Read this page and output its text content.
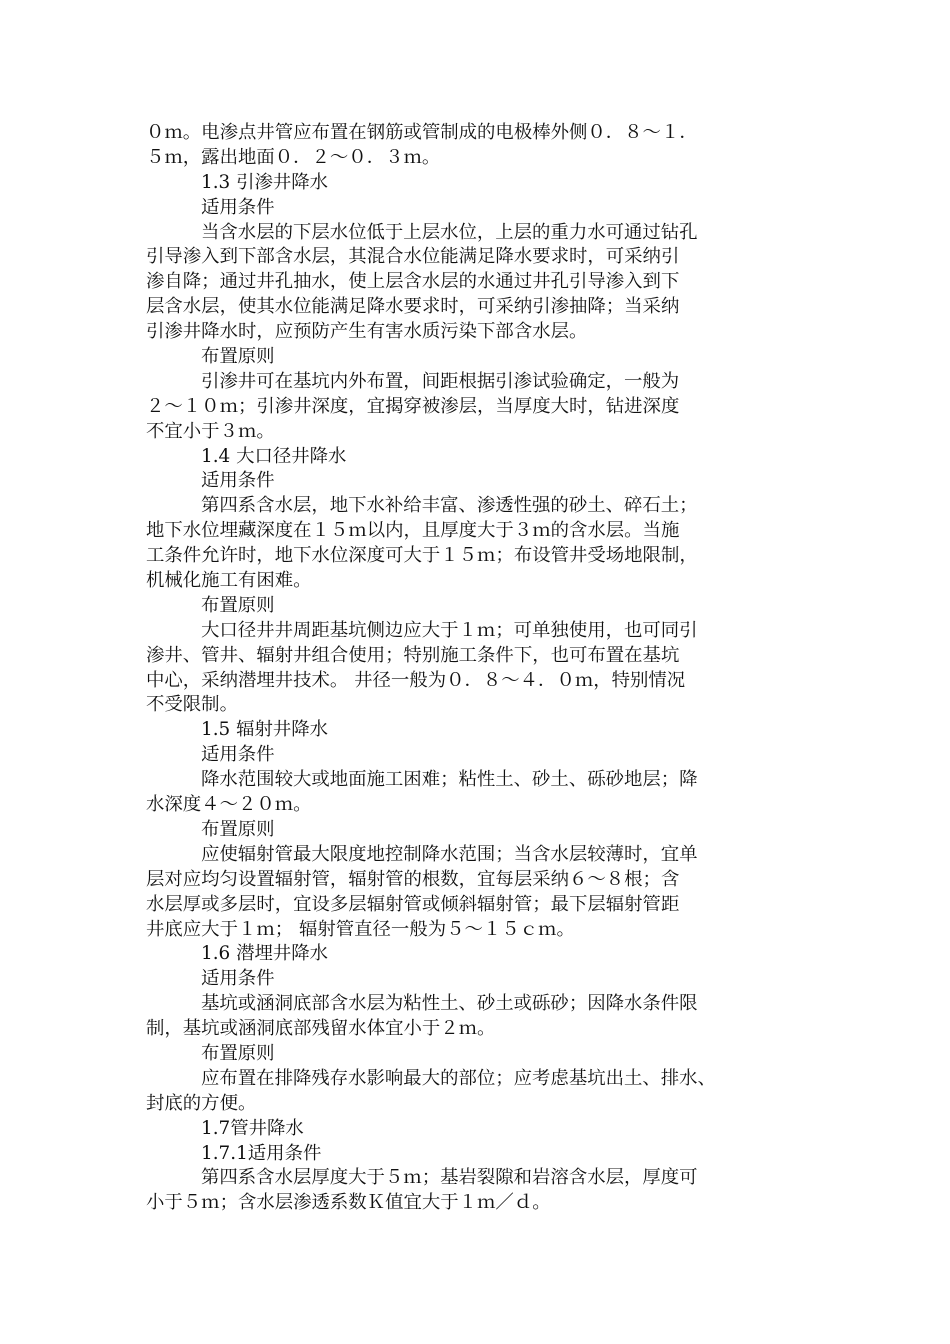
０ｍ。电渗点井管应布置在钢筋或管制成的电极棒外侧０．８～１．
５ｍ，露出地面０．２～０．３ｍ。
1.3 引渗井降水
适用条件
当含水层的下层水位低于上层水位，上层的重力水可通过钻孔
引导渗入到下部含水层，其混合水位能满足降水要求时，可采纳引
渗自降；通过井孔抽水，使上层含水层的水通过井孔引导渗入到下
层含水层，使其水位能满足降水要求时，可采纳引渗抽降；当采纳
引渗井降水时，应预防产生有害水质污染下部含水层。
布置原则
引渗井可在基坑内外布置，间距根据引渗试验确定，一般为
２～１０ｍ；引渗井深度，宜揭穿被渗层，当厚度大时，钻进深度
不宜小于３ｍ。
1.4 大口径井降水
适用条件
第四系含水层，地下水补给丰富、渗透性强的砂土、碎石土；
地下水位埋藏深度在１５ｍ以内，且厚度大于３ｍ的含水层。当施
工条件允许时，地下水位深度可大于１５ｍ；布设管井受场地限制，
机械化施工有困难。
布置原则
大口径井井周距基坑侧边应大于１ｍ；可单独使用，也可同引
渗井、管井、辐射井组合使用；特别施工条件下，也可布置在基坑
中心，采纳潜埋井技术。 井径一般为０．８～４．０ｍ，特别情况
不受限制。
1.5 辐射井降水
适用条件
降水范围较大或地面施工困难；粘性土、砂土、砾砂地层；降
水深度４～２０ｍ。
布置原则
应使辐射管最大限度地控制降水范围；当含水层较薄时，宜单
层对应均匀设置辐射管，辐射管的根数，宜每层采纳６～８根；含
水层厚或多层时，宜设多层辐射管或倾斜辐射管；最下层辐射管距
井底应大于１ｍ； 辐射管直径一般为５～１５ｃｍ。
1.6 潜埋井降水
适用条件
基坑或涵洞底部含水层为粘性土、砂土或砾砂；因降水条件限
制，基坑或涵洞底部残留水体宜小于２ｍ。
布置原则
应布置在排降残存水影响最大的部位；应考虑基坑出土、排水、
封底的方便。
1.7管井降水
1.7.1适用条件
第四系含水层厚度大于５ｍ；基岩裂隙和岩溶含水层，厚度可
小于５ｍ；含水层渗透系数Ｋ值宜大于１ｍ／ｄ。
